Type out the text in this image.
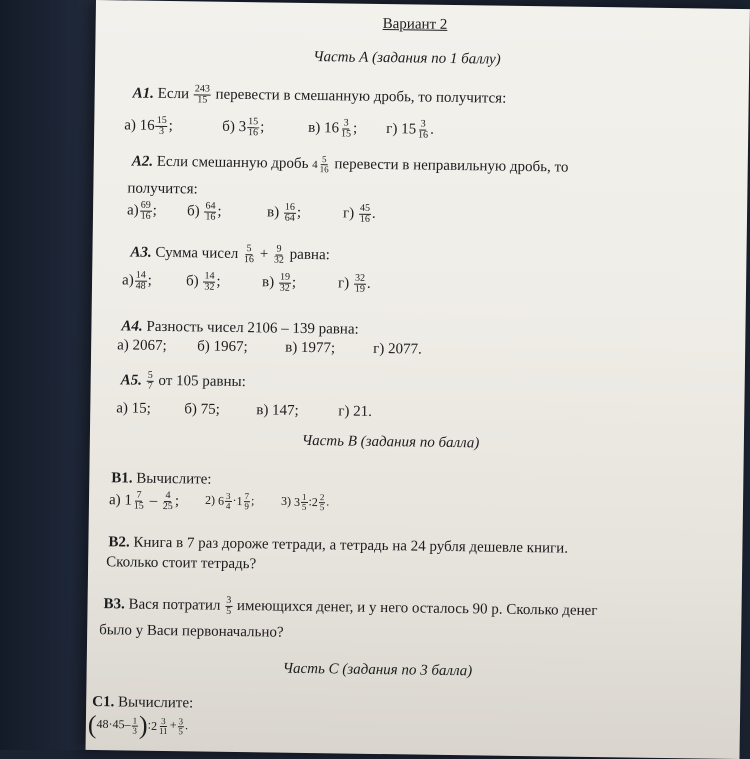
Вариант 2
Часть А (задания по 1 баллу)
А1. Если $\frac{243}{15}$ перевести в смешанную дробь, то получится:
а) 16 15
3 ;	б) 3 15
16 ;	в) 16 3
15 ; г) 15 3
16 .
А2. Если смешанную дробь 4 5
16 перевести в неправильную дробь, то
получится:
$а) \frac{69}{16}$ ; $б) \frac{64}{16}$ ;	$в) \frac{16}{64}$ ;	$г) \frac{45}{16}$ .
А3. Сумма чисел $\frac{5}{16} + \frac{9}{32}$ равна:
$а) \frac{14}{48}$ ; $б) \frac{14}{32}$ ;	$в) \frac{19}{32}$ ;	$г) \frac{32}{19}$ .
А4. Разность чисел 2106 – 139 равна:
а) 2067; б) 1967; в) 1977;	г) 2077.
А5. $\frac{5}{7}$ от 105 равны:
а) 15; б) 75; в) 147;	г) 21.
Часть В (задания по балла)
В1. Вычислите:
а) 1 7
$15 - \frac{4}{25}$ ; 2) 6 3
4 · 1 7
9 ; 3) 3 1
5 : 2 2
5 .
В2. Книга в 7 раз дороже тетради, а тетрадь на 24 рубля дешевле книги.
Сколько стоит тетрадь?
В3. Вася потратил $\frac{3}{5}$ имеющихся денег, и у него осталось 90 р. Сколько денег
было у Васи первоначально?
Часть С (задания по 3 балла)
С1. Вычислите:
($48\cdot 45- \frac{1}{3}$ ): 2 3
$11 + \frac{3}{5}$ .
